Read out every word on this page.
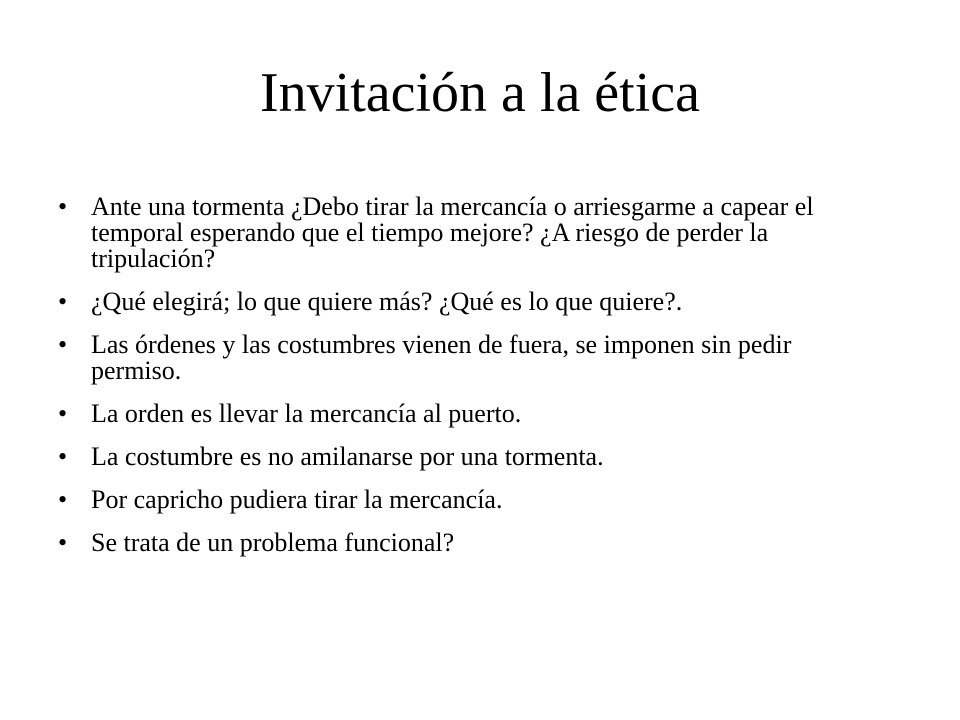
Invitación a la ética
• Ante una tormenta ¿Debo tirar la mercancía o arriesgarme a capear el temporal esperando que el tiempo mejore? ¿A riesgo de perder la tripulación?
• ¿Qué elegirá; lo que quiere más? ¿Qué es lo que quiere?.
• Las órdenes y las costumbres vienen de fuera, se imponen sin pedir permiso.
• La orden es llevar la mercancía al puerto.
• La costumbre es no amilanarse por una tormenta.
• Por capricho pudiera tirar la mercancía.
• Se trata de un problema funcional?
